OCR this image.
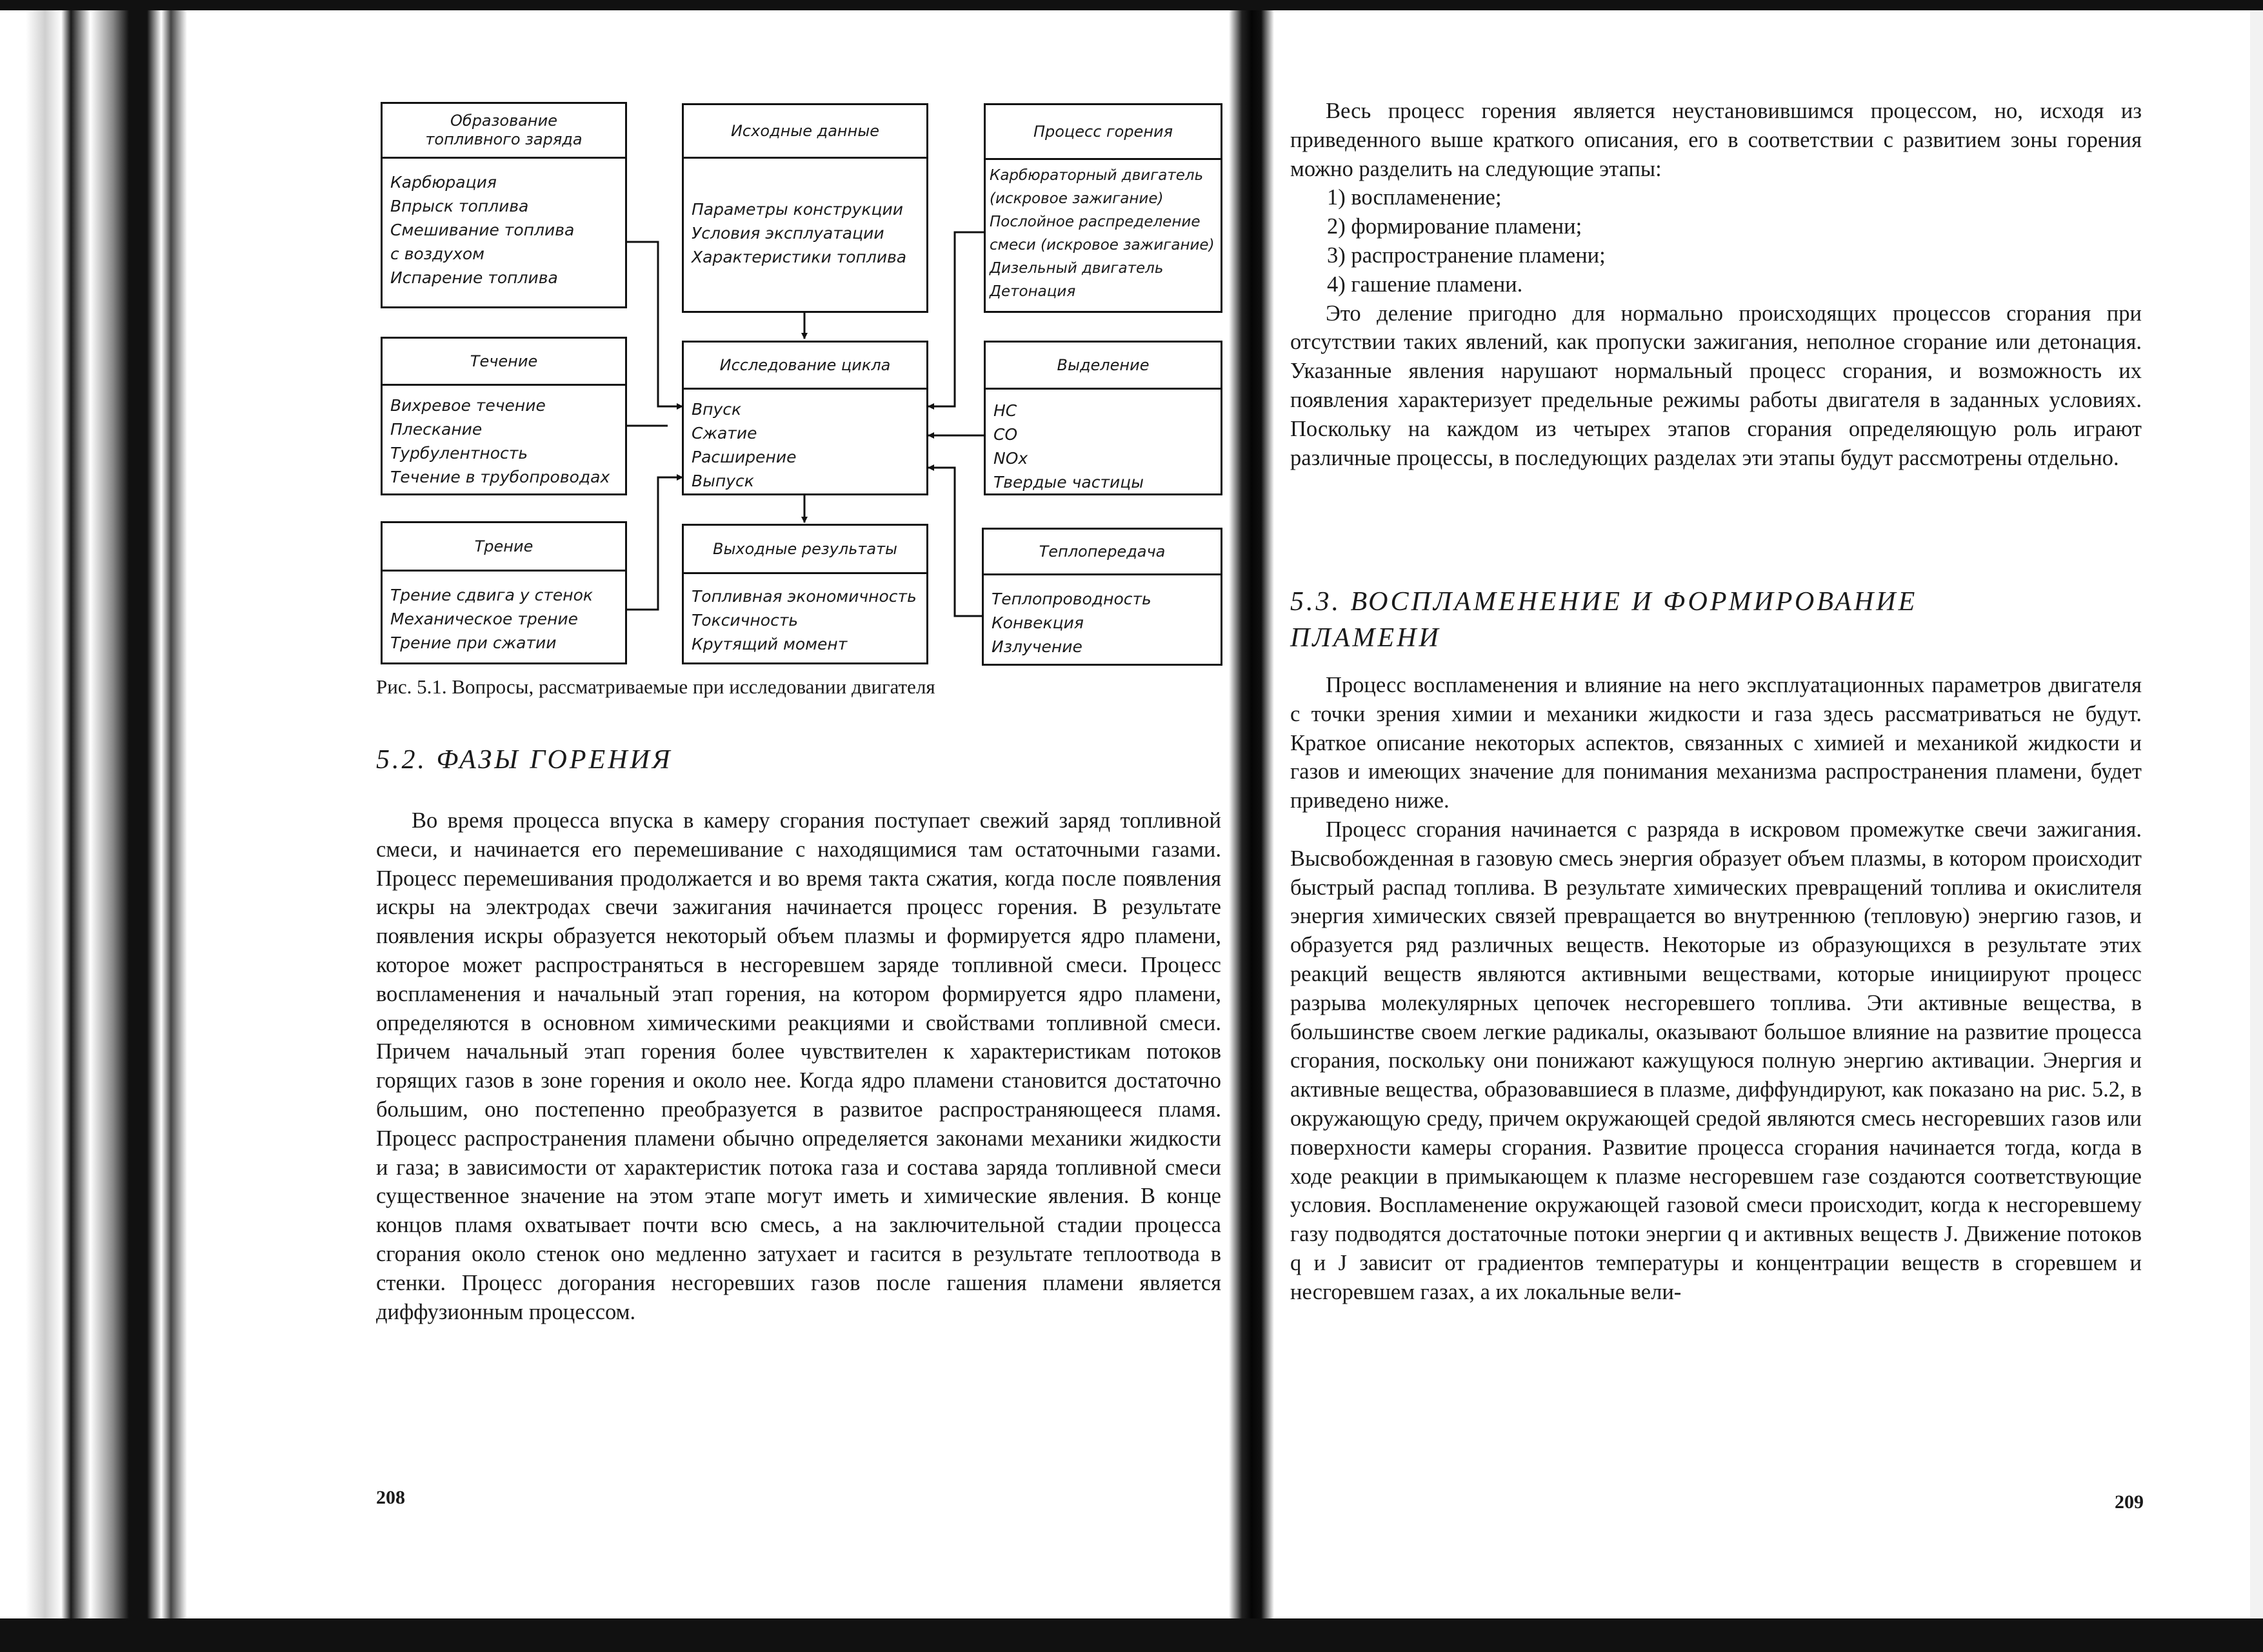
Образование
топливного заряда
Карбюрация
Впрыск топлива
Смешивание топлива
с воздухом
Испарение топлива
Исходные данные
Параметры конструкции
Условия эксплуатации
Характеристики топлива
Процесс горения
Карбюраторный двигатель
(искровое зажигание)
Послойное распределение
смеси (искровое зажигание)
Дизельный двигатель
Детонация
Течение
Вихревое течение
Плескание
Турбулентность
Течение в трубопроводах
Исследование цикла
Впуск
Сжатие
Расширение
Выпуск
Выделение
HC
CO
NOx
Твердые частицы
Трение
Трение сдвига у стенок
Механическое трение
Трение при сжатии
Выходные результаты
Топливная экономичность
Токсичность
Крутящий момент
Теплопередача
Теплопроводность
Конвекция
Излучение
Рис. 5.1. Вопросы, рассматриваемые при исследовании двигателя
5.2. ФАЗЫ ГОРЕНИЯ

Во время процесса впуска в камеру сгорания поступает свежий заряд топливной смеси, и начинается его перемешивание с находящимися там остаточными газами. Процесс перемешивания продолжается и во время такта сжатия, когда после появления искры на электродах свечи зажигания начинается процесс горения. В результате появления искры образуется некоторый объем плазмы и формируется ядро пламени, которое может распространяться в несгоревшем заряде топливной смеси. Процесс воспламенения и начальный этап горения, на котором формируется ядро пламени, определяются в основном химическими реакциями и свойствами топливной смеси. Причем начальный этап горения более чувствителен к характеристикам потоков горящих газов в зоне горения и около нее. Когда ядро пламени становится достаточно большим, оно постепенно преобразуется в развитое распространяющееся пламя. Процесс распространения пламени обычно определяется законами механики жидкости и газа; в зависимости от характеристик потока газа и состава заряда топливной смеси существенное значение на этом этапе могут иметь и химические явления. В конце концов пламя охватывает почти всю смесь, а на заключительной стадии процесса сгорания около стенок оно медленно затухает и гасится в результате теплоотвода в стенки. Процесс догорания несгоревших газов после гашения пламени является диффузионным процессом.

208

Весь процесс горения является неустановившимся процессом, но, исходя из приведенного выше краткого описания, его в соответствии с развитием зоны горения можно разделить на следующие этапы:

1) воспламенение;
2) формирование пламени;
3) распространение пламени;
4) гашение пламени.

Это деление пригодно для нормально происходящих процессов сгорания при отсутствии таких явлений, как пропуски зажигания, неполное сгорание или детонация. Указанные явления нарушают нормальный процесс сгорания, и возможность их появления характеризует предельные режимы работы двигателя в заданных условиях. Поскольку на каждом из четырех этапов сгорания определяющую роль играют различные процессы, в последующих разделах эти этапы будут рассмотрены отдельно.

5.3. ВОСПЛАМЕНЕНИЕ И ФОРМИРОВАНИЕ
ПЛАМЕНИ

Процесс воспламенения и влияние на него эксплуатационных параметров двигателя с точки зрения химии и механики жидкости и газа здесь рассматриваться не будут. Краткое описание некоторых аспектов, связанных с химией и механикой жидкости и газов и имеющих значение для понимания механизма распространения пламени, будет приведено ниже.

Процесс сгорания начинается с разряда в искровом промежутке свечи зажигания. Высвобожденная в газовую смесь энергия образует объем плазмы, в котором происходит быстрый распад топлива. В результате химических превращений топлива и окислителя энергия химических связей превращается во внутреннюю (тепловую) энергию газов, и образуется ряд различных веществ. Некоторые из образующихся в результате этих реакций веществ являются активными веществами, которые инициируют процесс разрыва молекулярных цепочек несгоревшего топлива. Эти активные вещества, в большинстве своем легкие радикалы, оказывают большое влияние на развитие процесса сгорания, поскольку они понижают кажущуюся полную энергию активации. Энергия и активные вещества, образовавшиеся в плазме, диффундируют, как показано на рис. 5.2, в окружающую среду, причем окружающей средой являются смесь несгоревших газов или поверхности камеры сгорания. Развитие процесса сгорания начинается тогда, когда в ходе реакции в примыкающем к плазме несгоревшем газе создаются соответствующие условия. Воспламенение окружающей газовой смеси происходит, когда к несгоревшему газу подводятся достаточные потоки энергии q и активных веществ J. Движение потоков q и J зависит от градиентов температуры и концентрации веществ в сгоревшем и несгоревшем газах, а их локальные вели-

209
